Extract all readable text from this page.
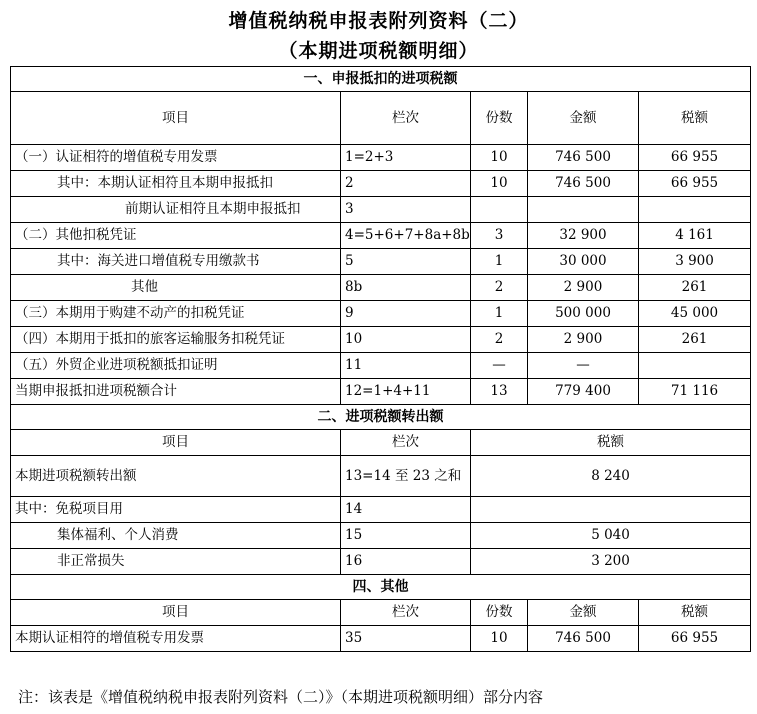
增值税纳税申报表附列资料（二）
（本期进项税额明细）
一、申报抵扣的进项税额				
项目	栏次	份数	金额	税额
（一）认证相符的增值税专用发票	1=2+3	10	746 500	66 955
其中：本期认证相符且本期申报抵扣	2	10	746 500	66 955
前期认证相符且本期申报抵扣	3			
（二）其他扣税凭证	4=5+6+7+8a+8b	3	32 900	4 161
其中：海关进口增值税专用缴款书	5	1	30 000	3 900
其他	8b	2	2 900	261
（三）本期用于购建不动产的扣税凭证	9	1	500 000	45 000
（四）本期用于抵扣的旅客运输服务扣税凭证	10	2	2 900	261
（五）外贸企业进项税额抵扣证明	11	—	—	
当期申报抵扣进项税额合计	12=1+4+11	13	779 400	71 116
二、进项税额转出额				
项目	栏次	税额		
本期进项税额转出额	13=14 至 23 之和	8 240		
其中：免税项目用	14			
集体福利、个人消费	15	5 040		
非正常损失	16	3 200		
四、其他				
项目	栏次	份数	金额	税额
本期认证相符的增值税专用发票	35	10	746 500	66 955
注：该表是《增值税纳税申报表附列资料（二）》（本期进项税额明细）部分内容
